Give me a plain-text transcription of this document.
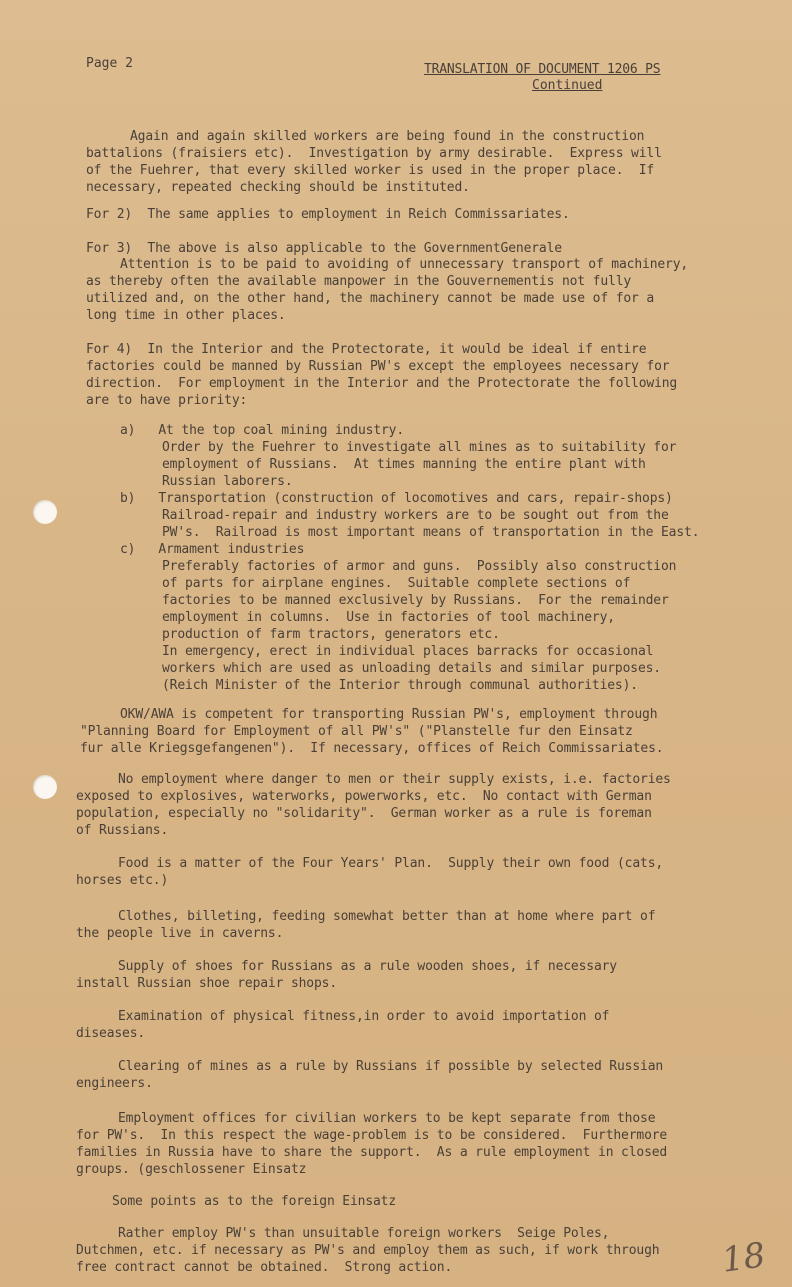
Page 2	TRANSLATION OF DOCUMENT 1206 PS
Continued
Again and again skilled workers are being found in the construction
battalions (fraisiers etc).  Investigation by army desirable.  Express will
of the Fuehrer, that every skilled worker is used in the proper place.  If
necessary, repeated checking should be instituted.
For 2)  The same applies to employment in Reich Commissariates.
For 3)  The above is also applicable to the GovernmentGenerale
Attention is to be paid to avoiding of unnecessary transport of machinery,
as thereby often the available manpower in the Gouvernementis not fully
utilized and, on the other hand, the machinery cannot be made use of for a
long time in other places.
For 4)  In the Interior and the Protectorate, it would be ideal if entire
factories could be manned by Russian PW's except the employees necessary for
direction.  For employment in the Interior and the Protectorate the following
are to have priority:
a)   At the top coal mining industry.
Order by the Fuehrer to investigate all mines as to suitability for
employment of Russians.  At times manning the entire plant with
Russian laborers.
b)   Transportation (construction of locomotives and cars, repair-shops)
Railroad-repair and industry workers are to be sought out from the
PW's.  Railroad is most important means of transportation in the East.
c)   Armament industries
Preferably factories of armor and guns.  Possibly also construction
of parts for airplane engines.  Suitable complete sections of
factories to be manned exclusively by Russians.  For the remainder
employment in columns.  Use in factories of tool machinery,
production of farm tractors, generators etc.
In emergency, erect in individual places barracks for occasional
workers which are used as unloading details and similar purposes.
(Reich Minister of the Interior through communal authorities).
OKW/AWA is competent for transporting Russian PW's, employment through
"Planning Board for Employment of all PW's" ("Planstelle fur den Einsatz
fur alle Kriegsgefangenen").  If necessary, offices of Reich Commissariates.
No employment where danger to men or their supply exists, i.e. factories
exposed to explosives, waterworks, powerworks, etc.  No contact with German
population, especially no "solidarity".  German worker as a rule is foreman
of Russians.
Food is a matter of the Four Years' Plan.  Supply their own food (cats,
horses etc.)
Clothes, billeting, feeding somewhat better than at home where part of
the people live in caverns.
Supply of shoes for Russians as a rule wooden shoes, if necessary
install Russian shoe repair shops.
Examination of physical fitness,in order to avoid importation of
diseases.
Clearing of mines as a rule by Russians if possible by selected Russian
engineers.
Employment offices for civilian workers to be kept separate from those
for PW's.  In this respect the wage-problem is to be considered.  Furthermore
families in Russia have to share the support.  As a rule employment in closed
groups. (geschlossener Einsatz
Some points as to the foreign Einsatz
Rather employ PW's than unsuitable foreign workers  Seige Poles,
Dutchmen, etc. if necessary as PW's and employ them as such, if work through
free contract cannot be obtained.  Strong action.	18
